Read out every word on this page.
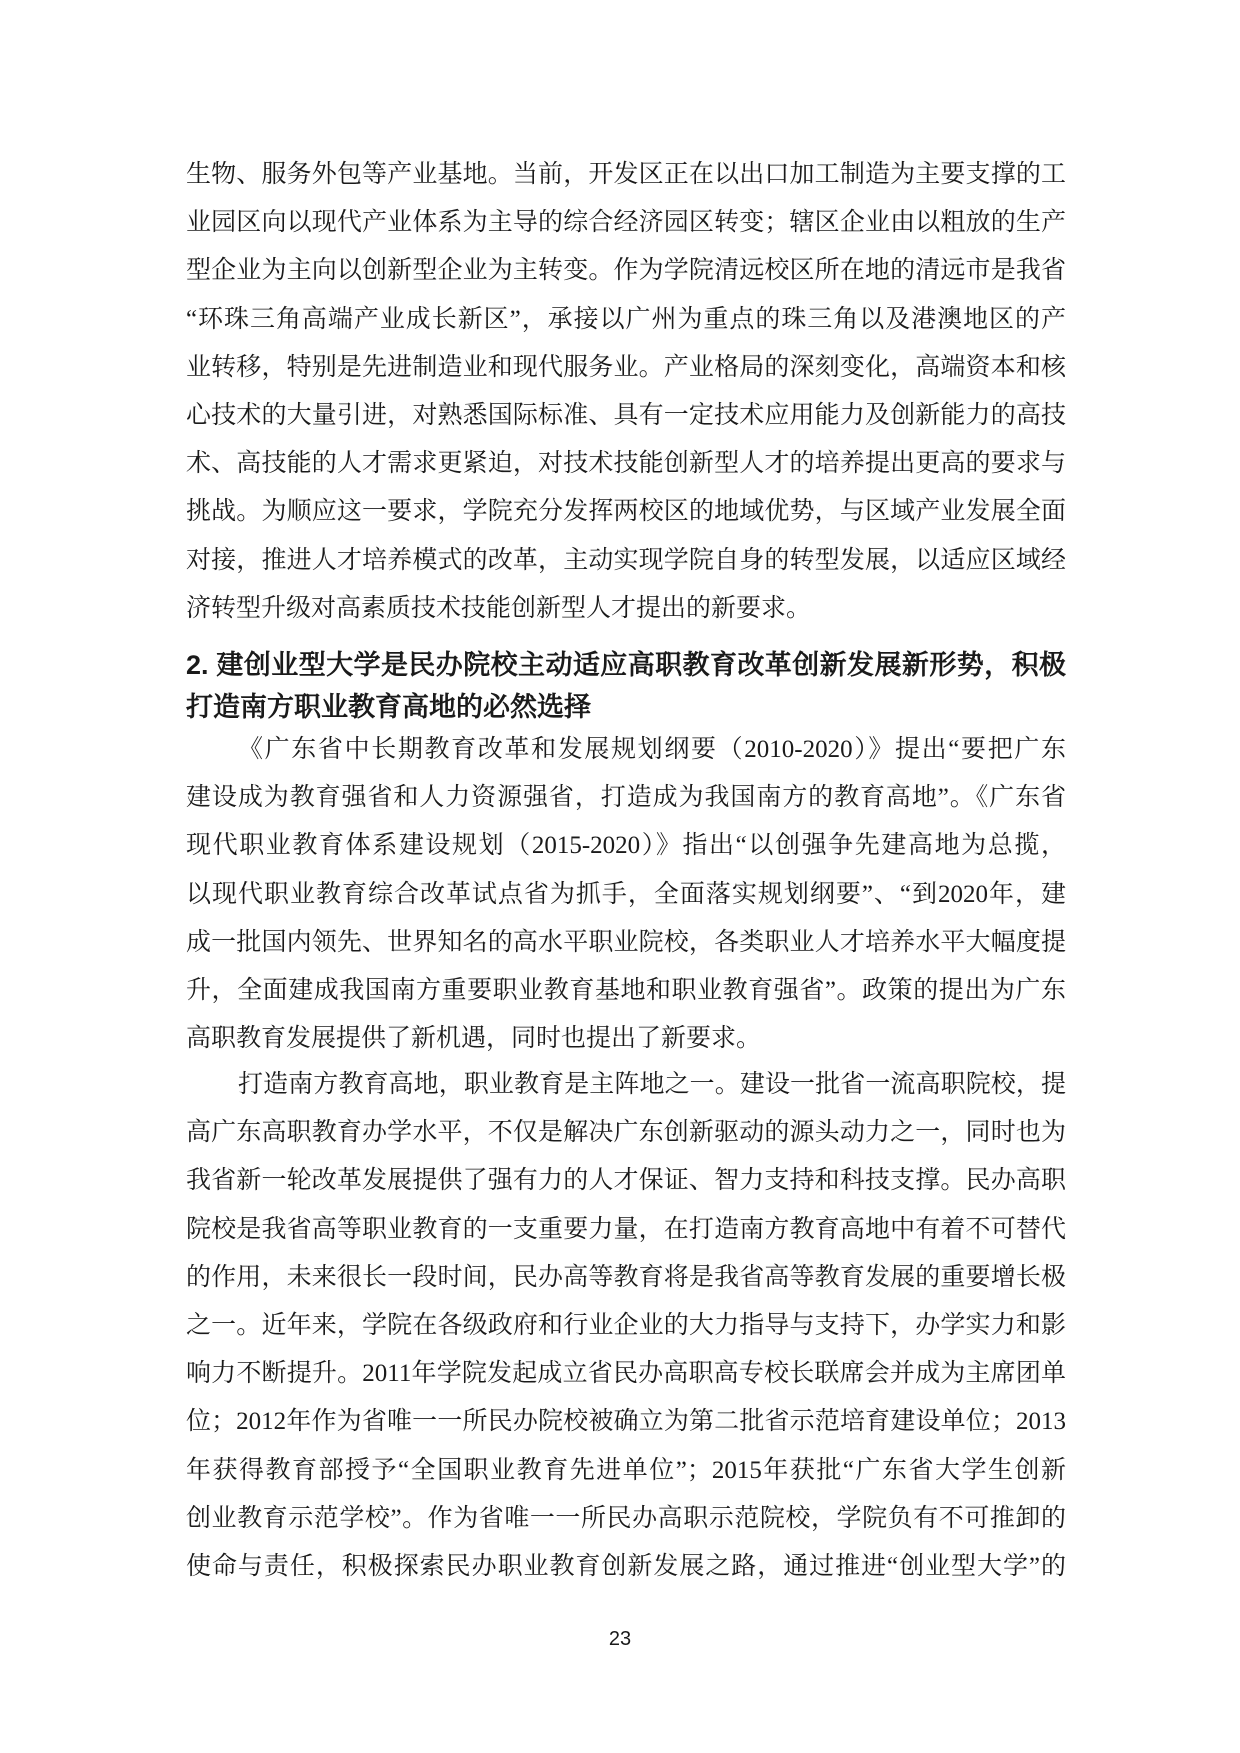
生物、服务外包等产业基地。当前，开发区正在以出口加工制造为主要支撑的工
业园区向以现代产业体系为主导的综合经济园区转变；辖区企业由以粗放的生产
型企业为主向以创新型企业为主转变。作为学院清远校区所在地的清远市是我省
“环珠三角高端产业成长新区”，承接以广州为重点的珠三角以及港澳地区的产
业转移，特别是先进制造业和现代服务业。产业格局的深刻变化，高端资本和核
心技术的大量引进，对熟悉国际标准、具有一定技术应用能力及创新能力的高技
术、高技能的人才需求更紧迫，对技术技能创新型人才的培养提出更高的要求与
挑战。为顺应这一要求，学院充分发挥两校区的地域优势，与区域产业发展全面
对接，推进人才培养模式的改革，主动实现学院自身的转型发展，以适应区域经
济转型升级对高素质技术技能创新型人才提出的新要求。
2. 建创业型大学是民办院校主动适应高职教育改革创新发展新形势，积极
打造南方职业教育高地的必然选择
《广东省中长期教育改革和发展规划纲要（2010-2020）》提出“要把广东
建设成为教育强省和人力资源强省，打造成为我国南方的教育高地”。《广东省
现代职业教育体系建设规划（2015-2020）》指出“以创强争先建高地为总揽，
以现代职业教育综合改革试点省为抓手，全面落实规划纲要”、“到2020年，建
成一批国内领先、世界知名的高水平职业院校，各类职业人才培养水平大幅度提
升，全面建成我国南方重要职业教育基地和职业教育强省”。政策的提出为广东
高职教育发展提供了新机遇，同时也提出了新要求。
打造南方教育高地，职业教育是主阵地之一。建设一批省一流高职院校，提
高广东高职教育办学水平，不仅是解决广东创新驱动的源头动力之一，同时也为
我省新一轮改革发展提供了强有力的人才保证、智力支持和科技支撑。民办高职
院校是我省高等职业教育的一支重要力量，在打造南方教育高地中有着不可替代
的作用，未来很长一段时间，民办高等教育将是我省高等教育发展的重要增长极
之一。近年来，学院在各级政府和行业企业的大力指导与支持下，办学实力和影
响力不断提升。2011年学院发起成立省民办高职高专校长联席会并成为主席团单
位；2012年作为省唯一一所民办院校被确立为第二批省示范培育建设单位；2013
年获得教育部授予“全国职业教育先进单位”；2015年获批“广东省大学生创新
创业教育示范学校”。作为省唯一一所民办高职示范院校，学院负有不可推卸的
使命与责任，积极探索民办职业教育创新发展之路，通过推进“创业型大学”的
23
